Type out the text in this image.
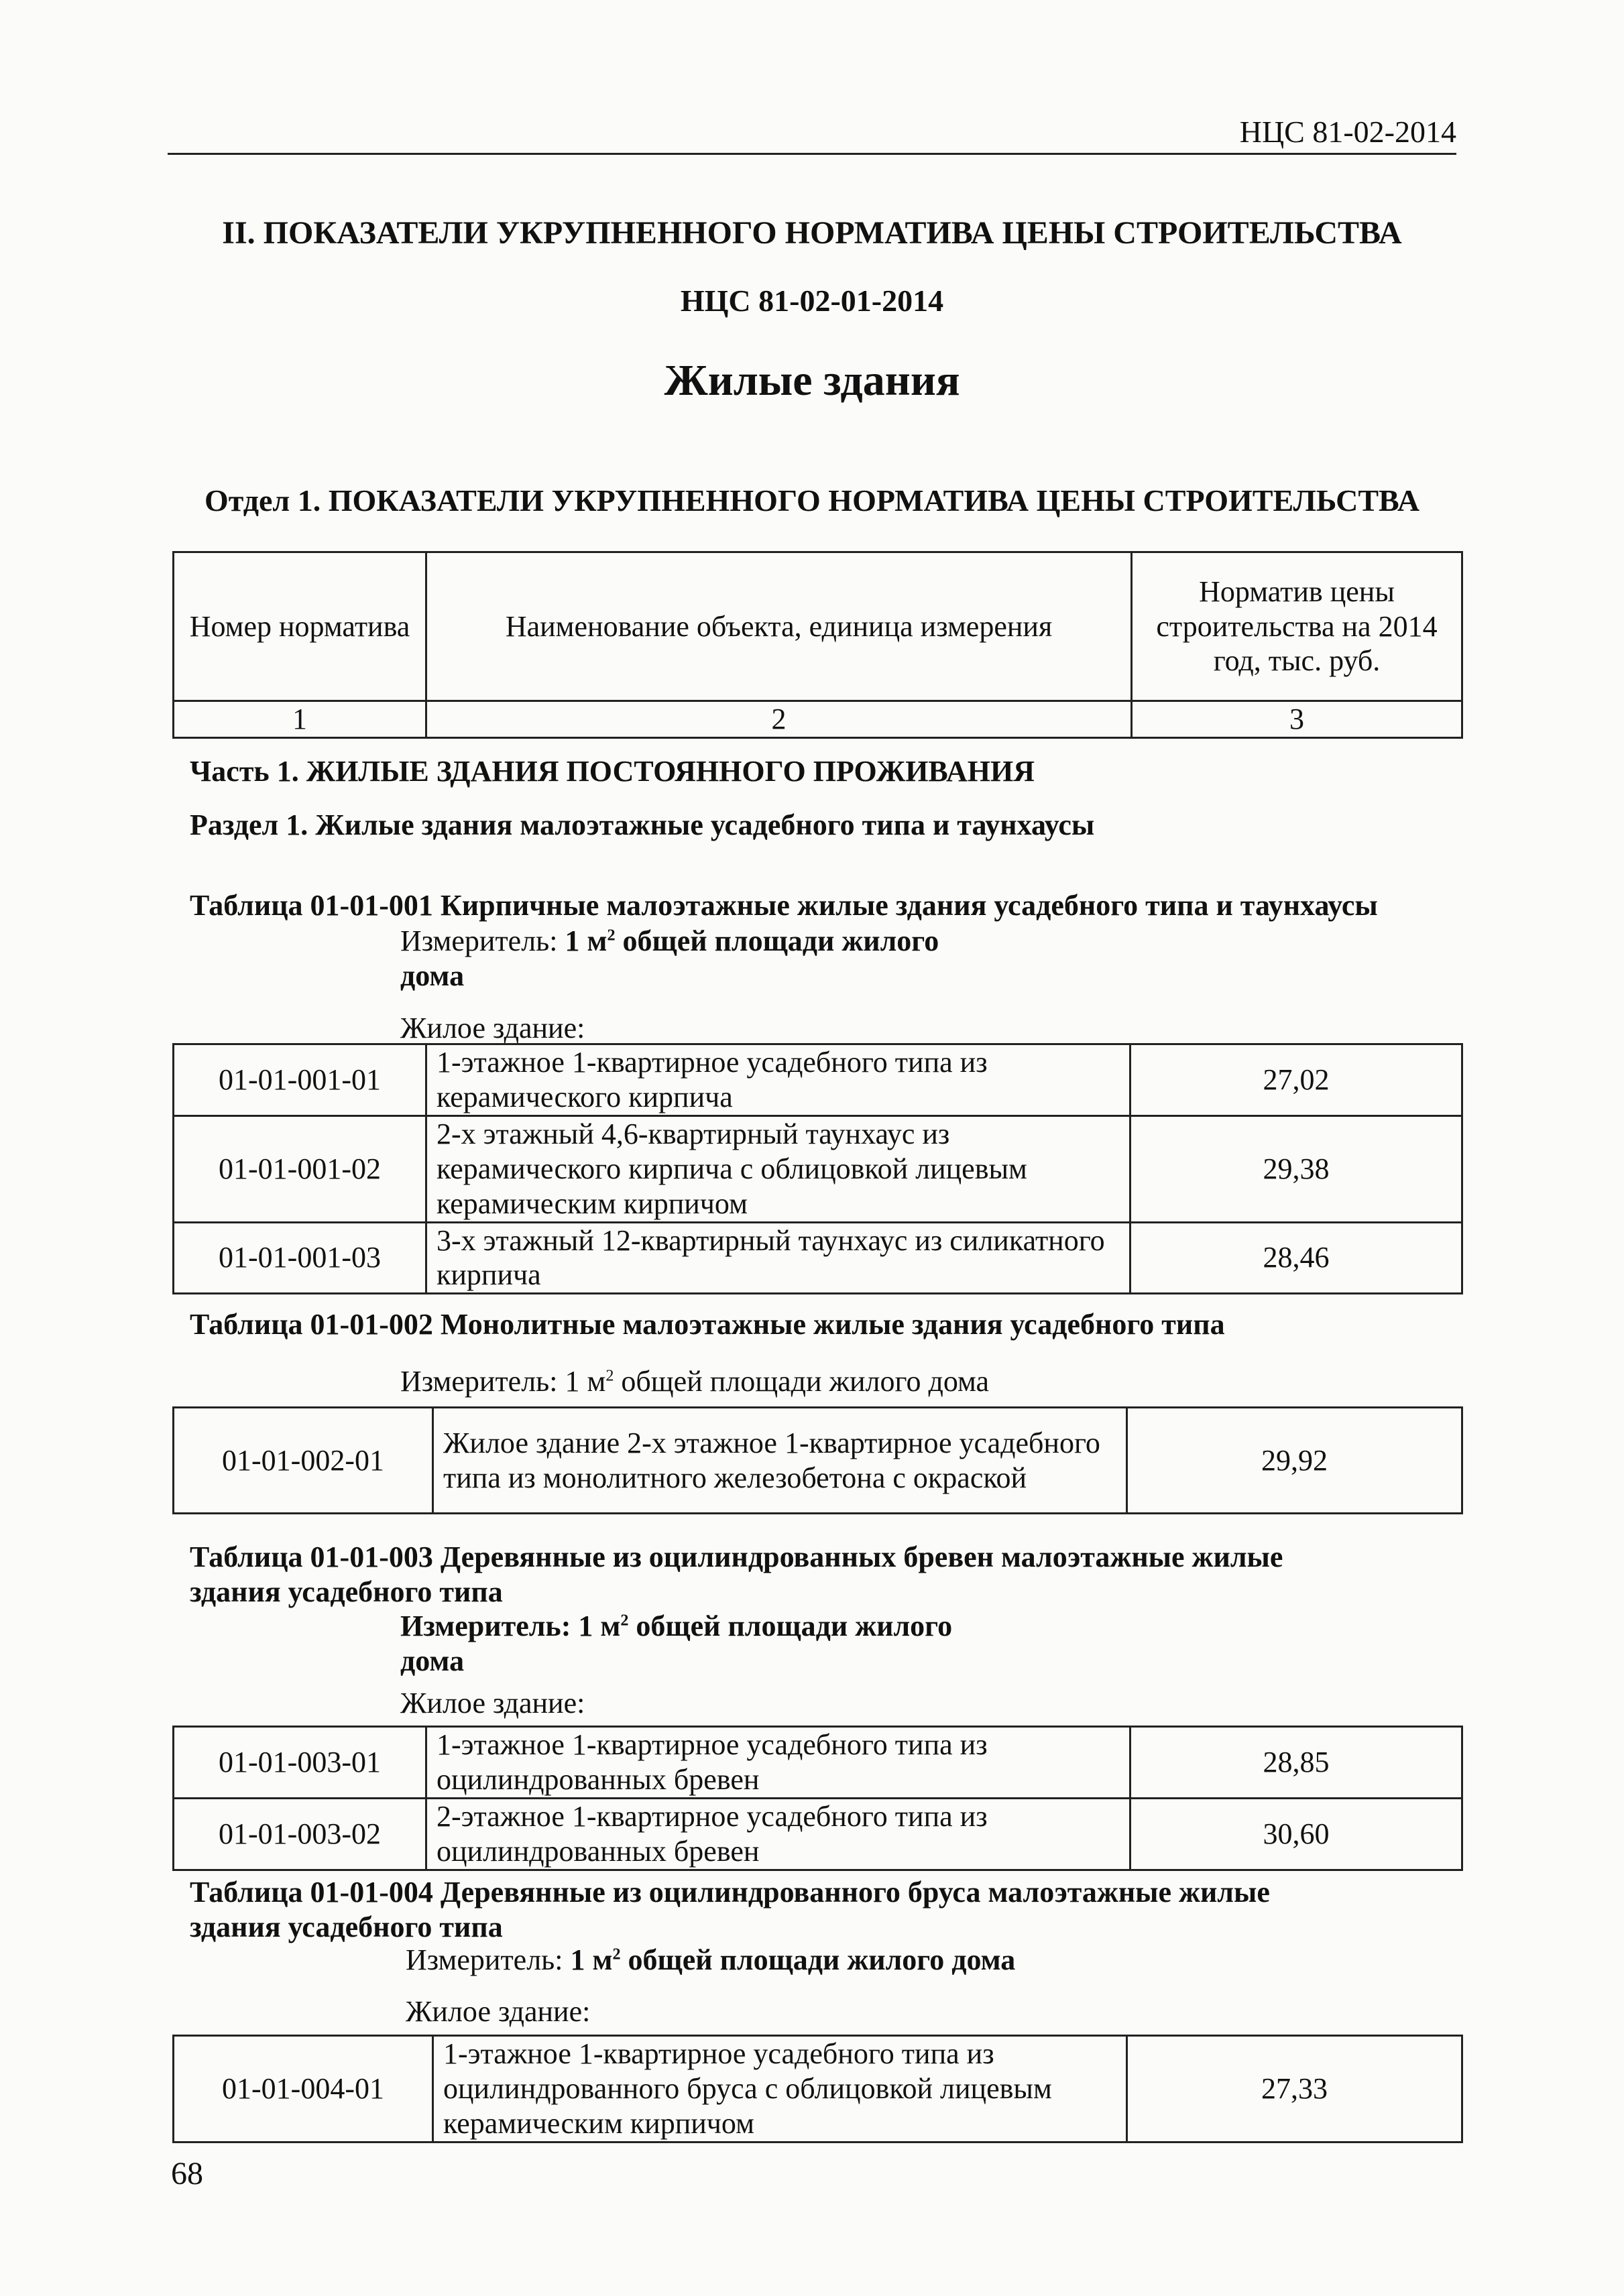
НЦС 81-02-2014
II. ПОКАЗАТЕЛИ УКРУПНЕННОГО НОРМАТИВА ЦЕНЫ СТРОИТЕЛЬСТВА
НЦС 81-02-01-2014
Жилые здания
Отдел 1. ПОКАЗАТЕЛИ УКРУПНЕННОГО НОРМАТИВА ЦЕНЫ СТРОИТЕЛЬСТВА
Номер норматива	Наименование объекта, единица измерения	Норматив цены строительства на 2014 год, тыс. руб.
1	2	3
Часть 1. ЖИЛЫЕ ЗДАНИЯ ПОСТОЯННОГО ПРОЖИВАНИЯ
Раздел 1. Жилые здания малоэтажные усадебного типа и таунхаусы
Таблица 01-01-001 Кирпичные малоэтажные жилые здания усадебного типа и таунхаусы
Измеритель: 1 $м^2$ общей площади жилого
дома
Жилое здание:
01-01-001-01	1-этажное 1-квартирное усадебного типа из керамического кирпича	27,02
01-01-001-02	2-х этажный 4,6-квартирный таунхаус из керамического кирпича с облицовкой лицевым керамическим кирпичом	29,38
01-01-001-03	3-х этажный 12-квартирный таунхаус из силикатного кирпича	28,46
Таблица 01-01-002 Монолитные малоэтажные жилые здания усадебного типа
Измеритель: 1 $м^2$ общей площади жилого дома
01-01-002-01	Жилое здание 2-х этажное 1-квартирное усадебного типа из монолитного железобетона с окраской	29,92
Таблица 01-01-003 Деревянные из оцилиндрованных бревен малоэтажные жилые здания усадебного типа
Измеритель: 1 $м^2$ общей площади жилого
дома
Жилое здание:
01-01-003-01	1-этажное 1-квартирное усадебного типа из оцилиндрованных бревен	28,85
01-01-003-02	2-этажное 1-квартирное усадебного типа из оцилиндрованных бревен	30,60
Таблица 01-01-004 Деревянные из оцилиндрованного бруса малоэтажные жилые здания усадебного типа
Измеритель: 1 $м^2$ общей площади жилого дома
Жилое здание:
01-01-004-01	1-этажное 1-квартирное усадебного типа из оцилиндрованного бруса с облицовкой лицевым керамическим кирпичом	27,33
68
